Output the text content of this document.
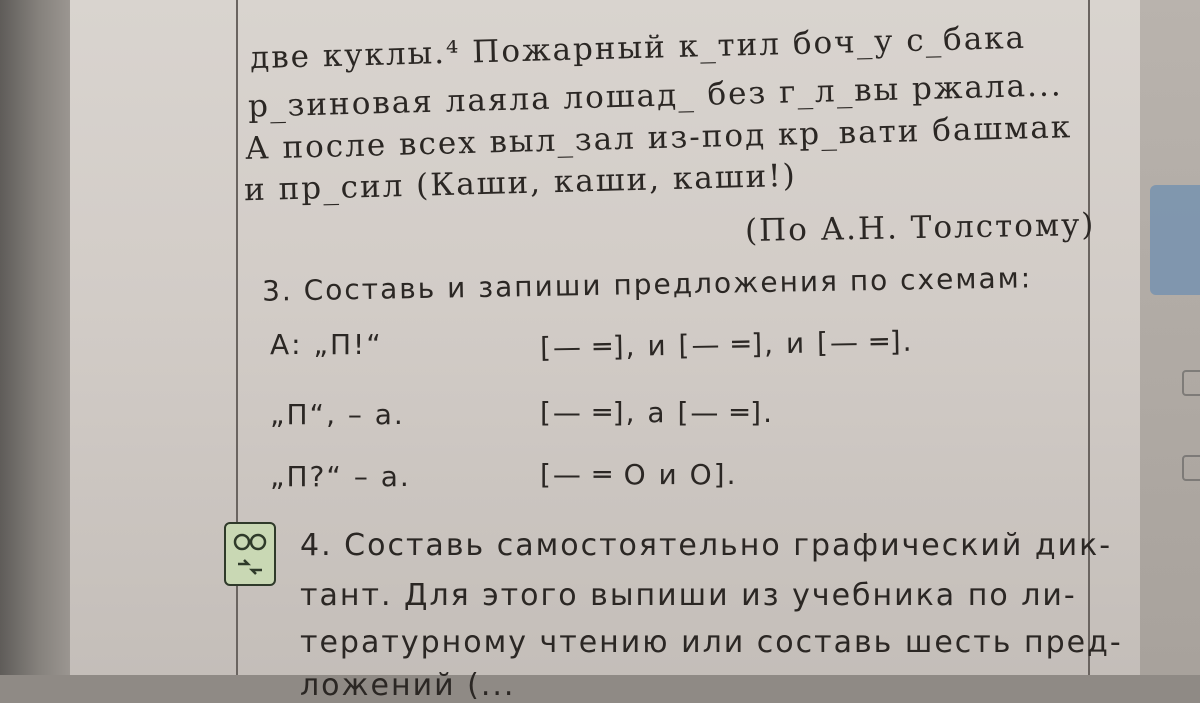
две куклы.⁴ Пожарный к_тил боч_у с_бака
р_зиновая лаяла лошад_ без г_л_вы ржала...
А после всех выл_зал из-под кр_вати башмак
и пр_сил (Каши, каши, каши!)
(По А.Н. Толстому)
3. Составь и запиши предложения по схемам:
А: „П!“	[— ═], и [— ═], и [— ═].
„П“, – а.	[— ═], а [— ═].
„П?“ – а.	[— ═ О и О].
4. Составь самостоятельно графический дик-
тант. Для этого выпиши из учебника по ли-
тературному чтению или составь шесть пред-
ложений (...
